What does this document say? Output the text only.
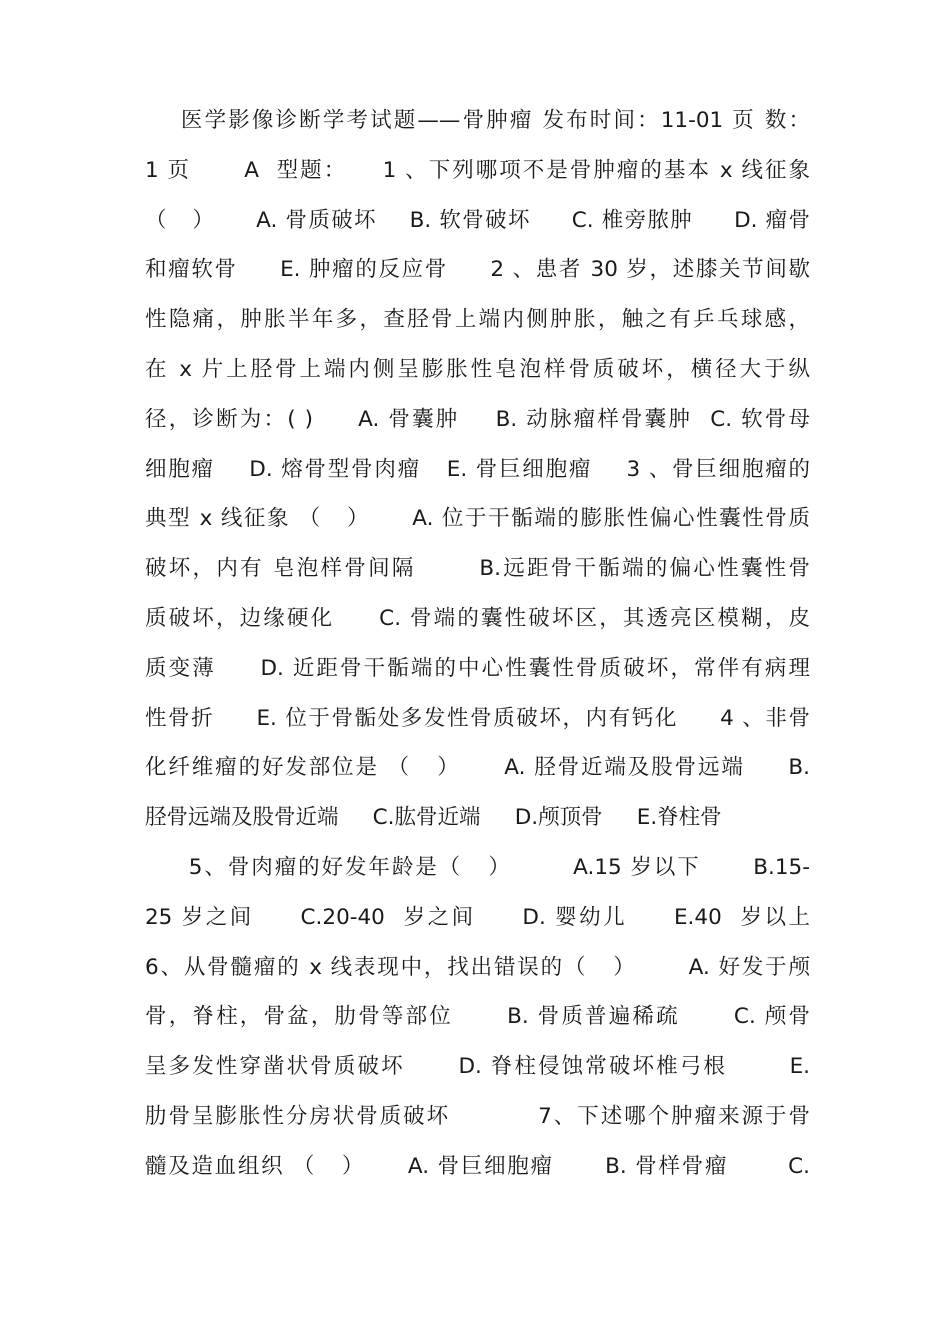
医学影像诊断学考试题——骨肿瘤 发布时间：11-01 页 数：
1 页      A  型题：    1 、下列哪项不是骨肿瘤的基本 x 线征象
（   ）     A. 骨质破坏    B. 软骨破坏     C. 椎旁脓肿     D. 瘤骨
和瘤软骨     E. 肿瘤的反应骨     2 、患者 30 岁，述膝关节间歇
性隐痛，肿胀半年多，查胫骨上端内侧肿胀，触之有乒乓球感，
在 x 片上胫骨上端内侧呈膨胀性皂泡样骨质破坏，横径大于纵
径，诊断为：( )     A. 骨囊肿    B. 动脉瘤样骨囊肿  C. 软骨母
细胞瘤    D. 熔骨型骨肉瘤   E. 骨巨细胞瘤    3 、骨巨细胞瘤的
典型 x 线征象 （   ）     A. 位于干骺端的膨胀性偏心性囊性骨质
破坏，内有 皂泡样骨间隔       B.远距骨干骺端的偏心性囊性骨
质破坏，边缘硬化     C. 骨端的囊性破坏区，其透亮区模糊，皮
质变薄     D. 近距骨干骺端的中心性囊性骨质破坏，常伴有病理
性骨折     E. 位于骨骺处多发性骨质破坏，内有钙化     4 、非骨
化纤维瘤的好发部位是 （   ）     A. 胫骨近端及股骨远端     B.
胫骨远端及股骨近端     C.肱骨近端     D.颅顶骨     E.脊柱骨
5、骨肉瘤的好发年龄是（   ）       A.15 岁以下      B.15-
25 岁之间     C.20-40  岁之间     D. 婴幼儿     E.40  岁以上
6、从骨髓瘤的 x 线表现中，找出错误的（   ）      A. 好发于颅
骨，脊柱，骨盆，肋骨等部位      B. 骨质普遍稀疏      C. 颅骨
呈多发性穿凿状骨质破坏      D. 脊柱侵蚀常破坏椎弓根       E.
肋骨呈膨胀性分房状骨质破坏          7、下述哪个肿瘤来源于骨
髓及造血组织 （   ）     A. 骨巨细胞瘤      B. 骨样骨瘤       C.
